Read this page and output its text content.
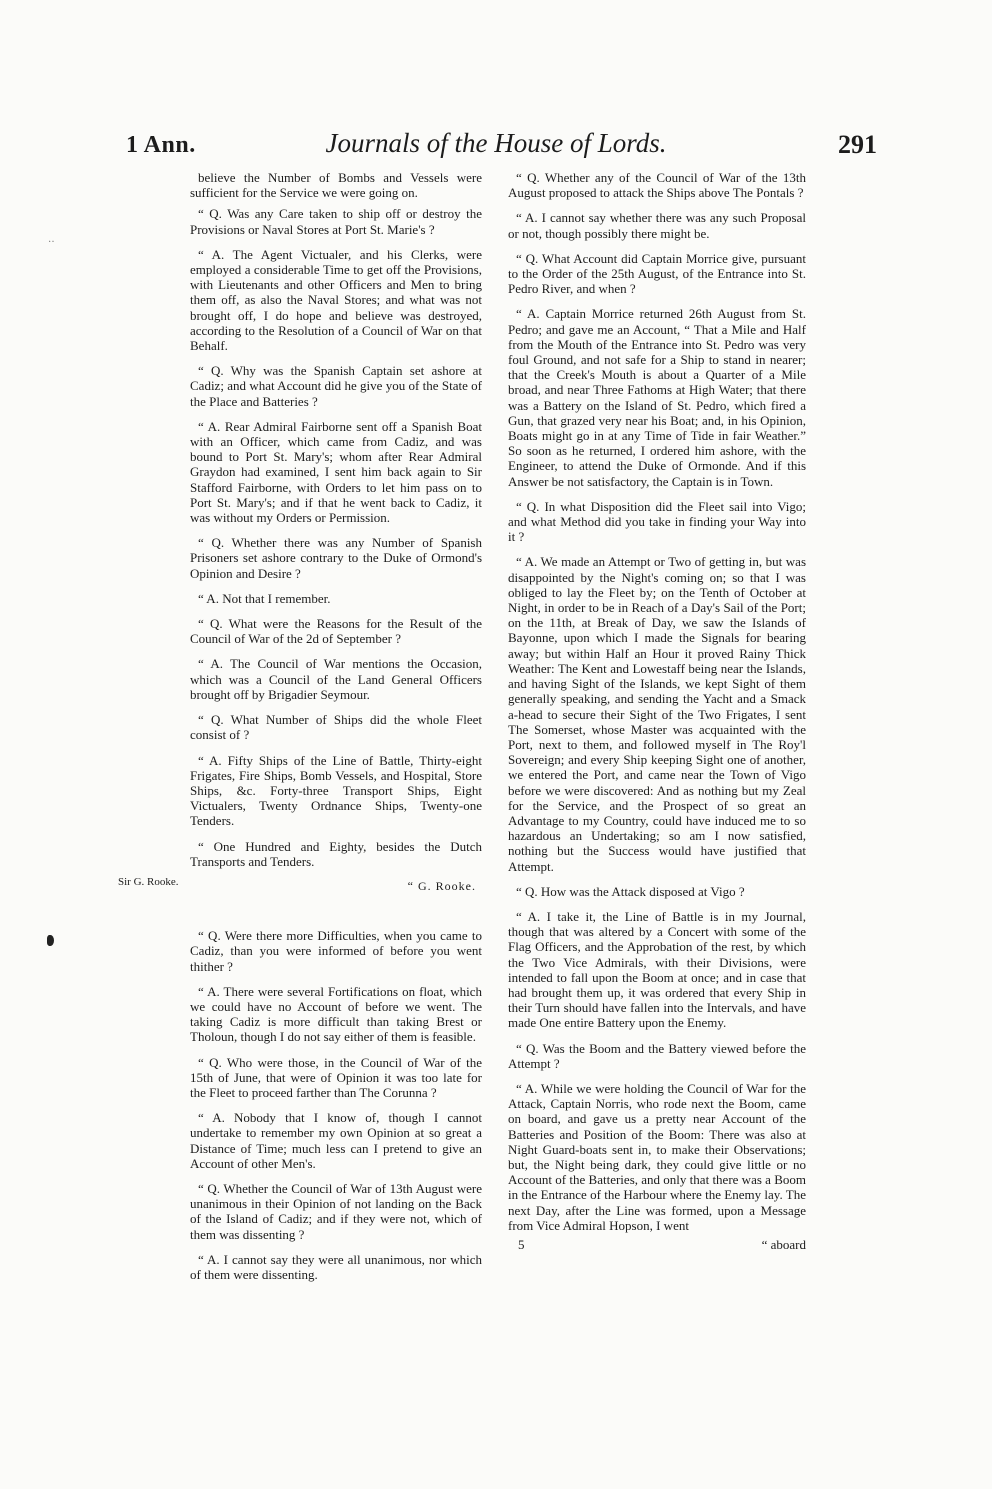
1 Ann.	Journals of the House of Lords.	291
‥
Sir G. Rooke.

believe the Number of Bombs and Vessels were sufficient for the Service we were going on.

“ Q. Was any Care taken to ship off or destroy the Provisions or Naval Stores at Port St. Marie's ?

“ A. The Agent Victualer, and his Clerks, were employed a considerable Time to get off the Provisions, with Lieutenants and other Officers and Men to bring them off, as also the Naval Stores; and what was not brought off, I do hope and believe was destroyed, according to the Resolution of a Council of War on that Behalf.

“ Q. Why was the Spanish Captain set ashore at Cadiz; and what Account did he give you of the State of the Place and Batteries ?

“ A. Rear Admiral Fairborne sent off a Spanish Boat with an Officer, which came from Cadiz, and was bound to Port St. Mary's; whom after Rear Admiral Graydon had examined, I sent him back again to Sir Stafford Fairborne, with Orders to let him pass on to Port St. Mary's; and if that he went back to Cadiz, it was without my Orders or Permission.

“ Q. Whether there was any Number of Spanish Prisoners set ashore contrary to the Duke of Ormond's Opinion and Desire ?

“ A. Not that I remember.

“ Q. What were the Reasons for the Result of the Council of War of the 2d of September ?

“ A. The Council of War mentions the Occasion, which was a Council of the Land General Officers brought off by Brigadier Seymour.

“ Q. What Number of Ships did the whole Fleet consist of ?

“ A. Fifty Ships of the Line of Battle, Thirty-eight Frigates, Fire Ships, Bomb Vessels, and Hospital, Store Ships, &c. Forty-three Transport Ships, Eight Victualers, Twenty Ordnance Ships, Twenty-one Tenders.

“ One Hundred and Eighty, besides the Dutch Transports and Tenders.

“ G. Rooke.

“ Q. Were there more Difficulties, when you came to Cadiz, than you were informed of before you went thither ?

“ A. There were several Fortifications on float, which we could have no Account of before we went. The taking Cadiz is more difficult than taking Brest or Tholoun, though I do not say either of them is feasible.

“ Q. Who were those, in the Council of War of the 15th of June, that were of Opinion it was too late for the Fleet to proceed farther than The Corunna ?

“ A. Nobody that I know of, though I cannot undertake to remember my own Opinion at so great a Distance of Time; much less can I pretend to give an Account of other Men's.

“ Q. Whether the Council of War of 13th August were unanimous in their Opinion of not landing on the Back of the Island of Cadiz; and if they were not, which of them was dissenting ?

“ A. I cannot say they were all unanimous, nor which of them were dissenting.

“ Q. Whether any of the Council of War of the 13th August proposed to attack the Ships above The Pontals ?

“ A. I cannot say whether there was any such Proposal or not, though possibly there might be.

“ Q. What Account did Captain Morrice give, pursuant to the Order of the 25th August, of the Entrance into St. Pedro River, and when ?

“ A. Captain Morrice returned 26th August from St. Pedro; and gave me an Account, “ That a Mile and Half from the Mouth of the Entrance into St. Pedro was very foul Ground, and not safe for a Ship to stand in nearer; that the Creek's Mouth is about a Quarter of a Mile broad, and near Three Fathoms at High Water; that there was a Battery on the Island of St. Pedro, which fired a Gun, that grazed very near his Boat; and, in his Opinion, Boats might go in at any Time of Tide in fair Weather.” So soon as he returned, I ordered him ashore, with the Engineer, to attend the Duke of Ormonde. And if this Answer be not satisfactory, the Captain is in Town.

“ Q. In what Disposition did the Fleet sail into Vigo; and what Method did you take in finding your Way into it ?

“ A. We made an Attempt or Two of getting in, but was disappointed by the Night's coming on; so that I was obliged to lay the Fleet by; on the Tenth of October at Night, in order to be in Reach of a Day's Sail of the Port; on the 11th, at Break of Day, we saw the Islands of Bayonne, upon which I made the Signals for bearing away; but within Half an Hour it proved Rainy Thick Weather: The Kent and Lowestaff being near the Islands, and having Sight of the Islands, we kept Sight of them generally speaking, and sending the Yacht and a Smack a-head to secure their Sight of the Two Frigates, I sent The Somerset, whose Master was acquainted with the Port, next to them, and followed myself in The Roy'l Sovereign; and every Ship keeping Sight one of another, we entered the Port, and came near the Town of Vigo before we were discovered: And as nothing but my Zeal for the Service, and the Prospect of so great an Advantage to my Country, could have induced me to so hazardous an Undertaking; so am I now satisfied, nothing but the Success would have justified that Attempt.

“ Q. How was the Attack disposed at Vigo ?

“ A. I take it, the Line of Battle is in my Journal, though that was altered by a Concert with some of the Flag Officers, and the Approbation of the rest, by which the Two Vice Admirals, with their Divisions, were intended to fall upon the Boom at once; and in case that had brought them up, it was ordered that every Ship in their Turn should have fallen into the Intervals, and have made One entire Battery upon the Enemy.

“ Q. Was the Boom and the Battery viewed before the Attempt ?

“ A. While we were holding the Council of War for the Attack, Captain Norris, who rode next the Boom, came on board, and gave us a pretty near Account of the Batteries and Position of the Boom: There was also at Night Guard-boats sent in, to make their Observations; but, the Night being dark, they could give little or no Account of the Batteries, and only that there was a Boom in the Entrance of the Harbour where the Enemy lay. The next Day, after the Line was formed, upon a Message from Vice Admiral Hopson, I went

5	“ aboard
